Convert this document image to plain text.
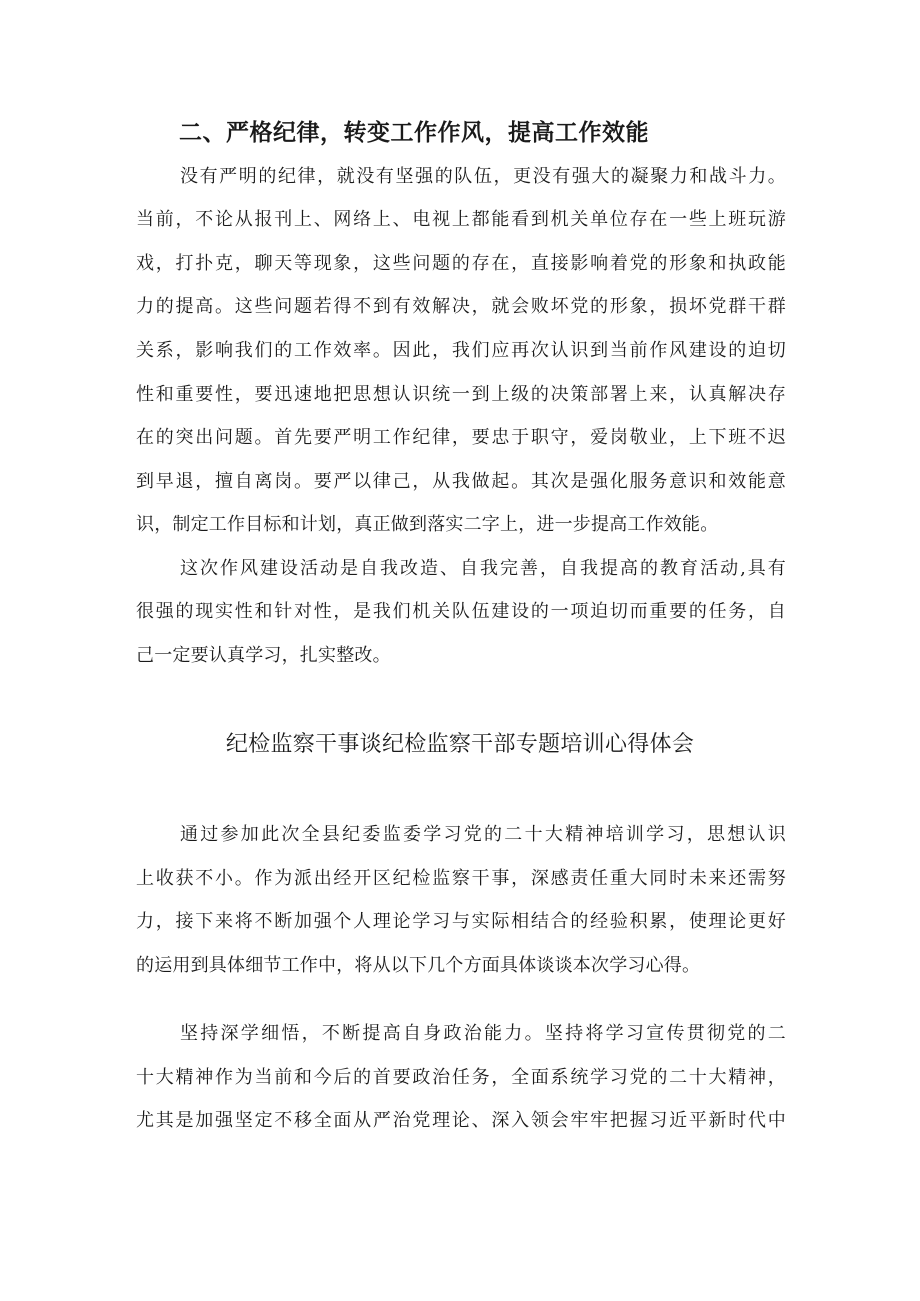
二、严格纪律，转变工作作风，提高工作效能
没有严明的纪律，就没有坚强的队伍，更没有强大的凝聚力和战斗力。
当前，不论从报刊上、网络上、电视上都能看到机关单位存在一些上班玩游
戏，打扑克，聊天等现象，这些问题的存在，直接影响着党的形象和执政能
力的提高。这些问题若得不到有效解决，就会败坏党的形象，损坏党群干群
关系，影响我们的工作效率。因此，我们应再次认识到当前作风建设的迫切
性和重要性，要迅速地把思想认识统一到上级的决策部署上来，认真解决存
在的突出问题。首先要严明工作纪律，要忠于职守，爱岗敬业，上下班不迟
到早退，擅自离岗。要严以律己，从我做起。其次是强化服务意识和效能意
识，制定工作目标和计划，真正做到落实二字上，进一步提高工作效能。
这次作风建设活动是自我改造、自我完善，自我提高的教育活动,具有
很强的现实性和针对性，是我们机关队伍建设的一项迫切而重要的任务，自
己一定要认真学习，扎实整改。
纪检监察干事谈纪检监察干部专题培训心得体会
通过参加此次全县纪委监委学习党的二十大精神培训学习，思想认识
上收获不小。作为派出经开区纪检监察干事，深感责任重大同时未来还需努
力，接下来将不断加强个人理论学习与实际相结合的经验积累，使理论更好
的运用到具体细节工作中，将从以下几个方面具体谈谈本次学习心得。
坚持深学细悟，不断提高自身政治能力。坚持将学习宣传贯彻党的二
十大精神作为当前和今后的首要政治任务，全面系统学习党的二十大精神，
尤其是加强坚定不移全面从严治党理论、深入领会牢牢把握习近平新时代中
